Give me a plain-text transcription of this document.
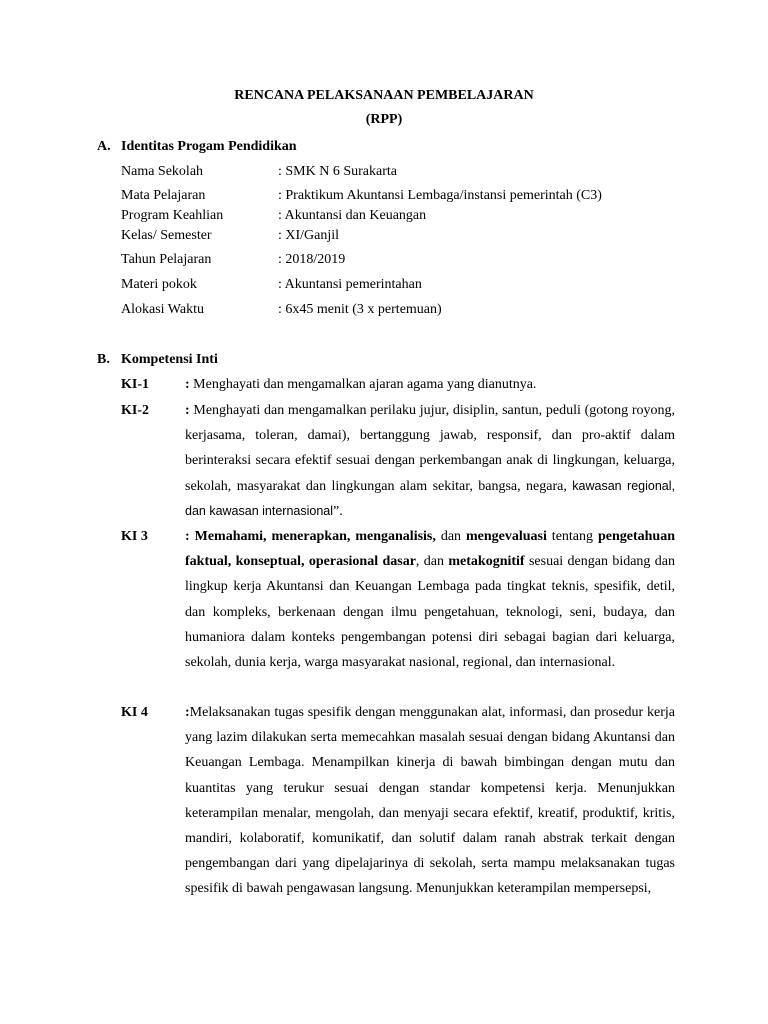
RENCANA PELAKSANAAN PEMBELAJARAN
(RPP)
A. Identitas Progam Pendidikan
Nama Sekolah	: SMK N 6 Surakarta
Mata Pelajaran	: Praktikum Akuntansi Lembaga/instansi pemerintah (C3)
Program Keahlian	: Akuntansi dan Keuangan
Kelas/ Semester	: XI/Ganjil
Tahun Pelajaran	: 2018/2019
Materi pokok	: Akuntansi pemerintahan
Alokasi Waktu	: 6x45 menit (3 x pertemuan)
B. Kompetensi Inti
KI-1	: Menghayati dan mengamalkan ajaran agama yang dianutnya.
KI-2	: Menghayati dan mengamalkan perilaku jujur, disiplin, santun, peduli (gotong royong, kerjasama, toleran, damai), bertanggung jawab, responsif, dan pro-aktif dalam berinteraksi secara efektif sesuai dengan perkembangan anak di lingkungan, keluarga, sekolah, masyarakat dan lingkungan alam sekitar, bangsa, negara, kawasan regional, dan kawasan internasional”.
KI 3	: Memahami, menerapkan, menganalisis, dan mengevaluasi tentang pengetahuan faktual, konseptual, operasional dasar, dan metakognitif sesuai dengan bidang dan lingkup kerja Akuntansi dan Keuangan Lembaga pada tingkat teknis, spesifik, detil, dan kompleks, berkenaan dengan ilmu pengetahuan, teknologi, seni, budaya, dan humaniora dalam konteks pengembangan potensi diri sebagai bagian dari keluarga, sekolah, dunia kerja, warga masyarakat nasional, regional, dan internasional.
KI 4	:Melaksanakan tugas spesifik dengan menggunakan alat, informasi, dan prosedur kerja yang lazim dilakukan serta memecahkan masalah sesuai dengan bidang Akuntansi dan Keuangan Lembaga. Menampilkan kinerja di bawah bimbingan dengan mutu dan kuantitas yang terukur sesuai dengan standar kompetensi kerja. Menunjukkan keterampilan menalar, mengolah, dan menyaji secara efektif, kreatif, produktif, kritis, mandiri, kolaboratif, komunikatif, dan solutif dalam ranah abstrak terkait dengan pengembangan dari yang dipelajarinya di sekolah, serta mampu melaksanakan tugas spesifik di bawah pengawasan langsung. Menunjukkan keterampilan mempersepsi,
